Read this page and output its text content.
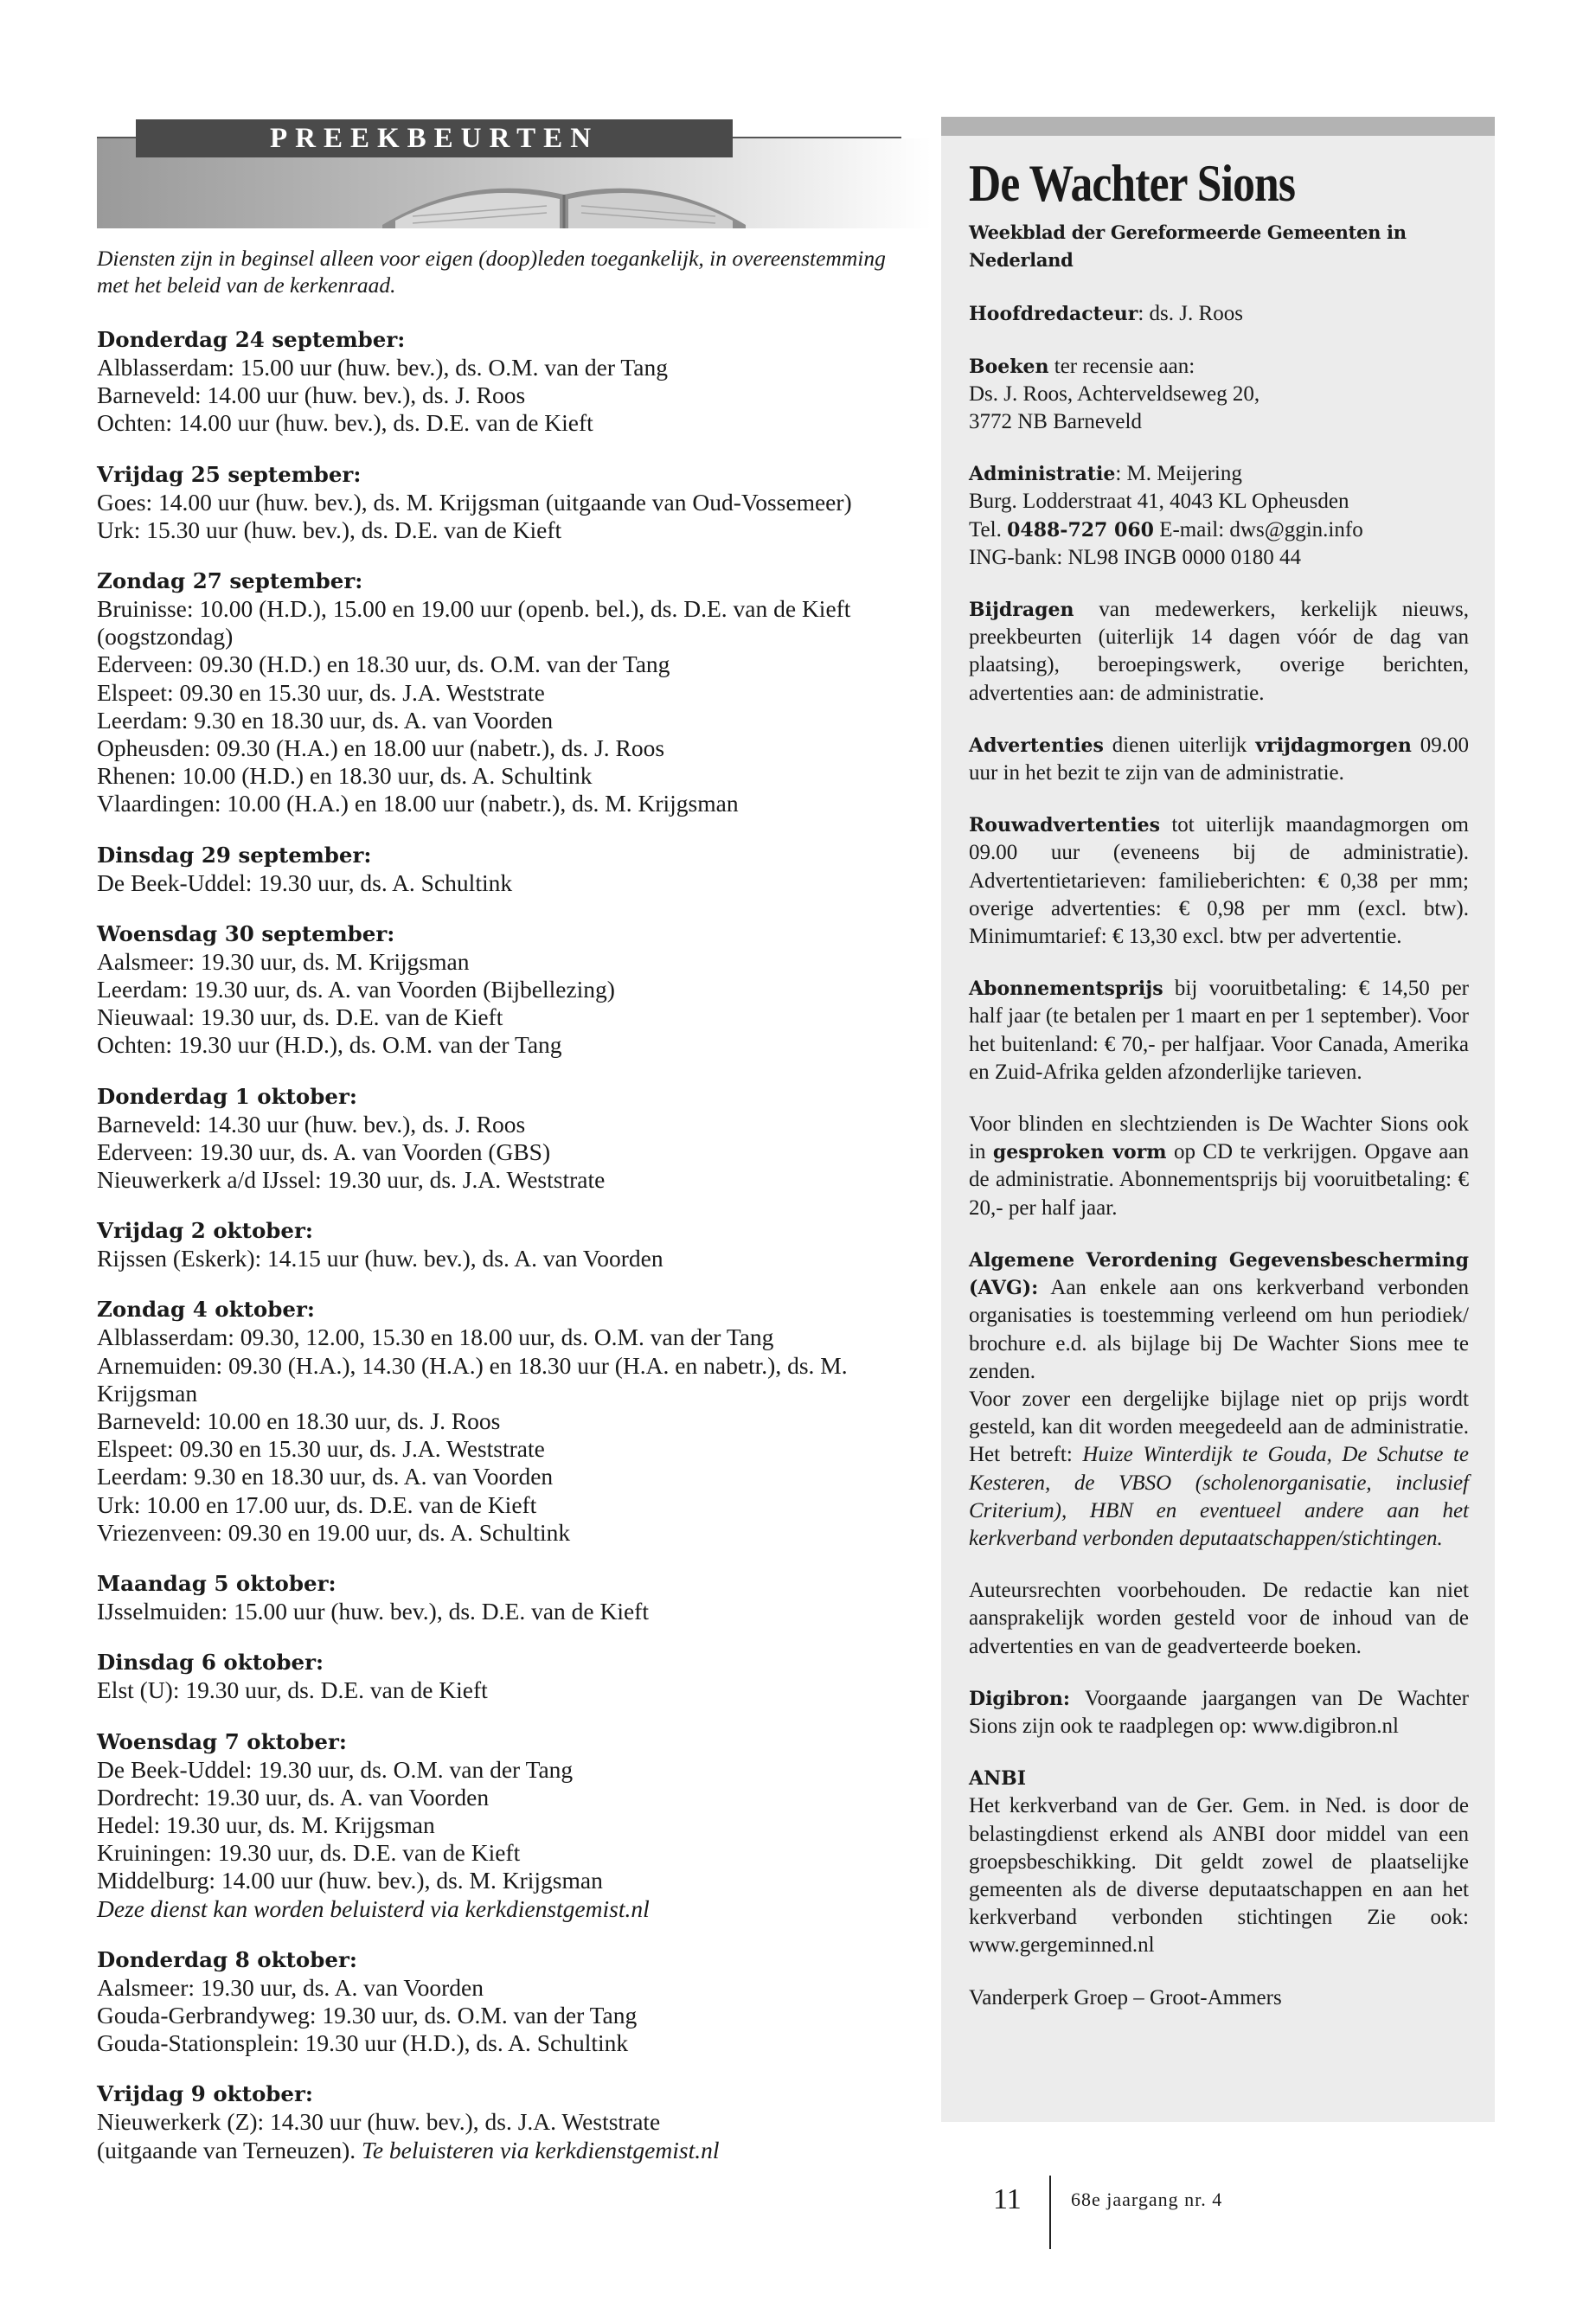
PREEKBEURTEN
Diensten zijn in beginsel alleen voor eigen (doop)leden toegankelijk, in overeenstemming met het beleid van de kerkenraad.
Donderdag 24 september:
Alblasserdam: 15.00 uur (huw. bev.), ds. O.M. van der Tang
Barneveld: 14.00 uur (huw. bev.), ds. J. Roos
Ochten: 14.00 uur (huw. bev.), ds. D.E. van de Kieft
Vrijdag 25 september:
Goes: 14.00 uur (huw. bev.), ds. M. Krijgsman (uitgaande van Oud-Vossemeer)
Urk: 15.30 uur (huw. bev.), ds. D.E. van de Kieft
Zondag 27 september:
Bruinisse: 10.00 (H.D.), 15.00 en 19.00 uur (openb. bel.), ds. D.E. van de Kieft (oogstzondag)
Ederveen: 09.30 (H.D.) en 18.30 uur, ds. O.M. van der Tang
Elspeet: 09.30 en 15.30 uur, ds. J.A. Weststrate
Leerdam: 9.30 en 18.30 uur, ds. A. van Voorden
Opheusden: 09.30 (H.A.) en 18.00 uur (nabetr.), ds. J. Roos
Rhenen: 10.00 (H.D.) en 18.30 uur, ds. A. Schultink
Vlaardingen: 10.00 (H.A.) en 18.00 uur (nabetr.), ds. M. Krijgsman
Dinsdag 29 september:
De Beek-Uddel: 19.30 uur, ds. A. Schultink
Woensdag 30 september:
Aalsmeer: 19.30 uur, ds. M. Krijgsman
Leerdam: 19.30 uur, ds. A. van Voorden (Bijbellezing)
Nieuwaal: 19.30 uur, ds. D.E. van de Kieft
Ochten: 19.30 uur (H.D.), ds. O.M. van der Tang
Donderdag 1 oktober:
Barneveld: 14.30 uur (huw. bev.), ds. J. Roos
Ederveen: 19.30 uur, ds. A. van Voorden (GBS)
Nieuwerkerk a/d IJssel: 19.30 uur, ds. J.A. Weststrate
Vrijdag 2 oktober:
Rijssen (Eskerk): 14.15 uur (huw. bev.), ds. A. van Voorden
Zondag 4 oktober:
Alblasserdam: 09.30, 12.00, 15.30 en 18.00 uur, ds. O.M. van der Tang
Arnemuiden: 09.30 (H.A.), 14.30 (H.A.) en 18.30 uur (H.A. en nabetr.), ds. M. Krijgsman
Barneveld: 10.00 en 18.30 uur, ds. J. Roos
Elspeet: 09.30 en 15.30 uur, ds. J.A. Weststrate
Leerdam: 9.30 en 18.30 uur, ds. A. van Voorden
Urk: 10.00 en 17.00 uur, ds. D.E. van de Kieft
Vriezenveen: 09.30 en 19.00 uur, ds. A. Schultink
Maandag 5 oktober:
IJsselmuiden: 15.00 uur (huw. bev.), ds. D.E. van de Kieft
Dinsdag 6 oktober:
Elst (U): 19.30 uur, ds. D.E. van de Kieft
Woensdag 7 oktober:
De Beek-Uddel: 19.30 uur, ds. O.M. van der Tang
Dordrecht: 19.30 uur, ds. A. van Voorden
Hedel: 19.30 uur, ds. M. Krijgsman
Kruiningen: 19.30 uur, ds. D.E. van de Kieft
Middelburg: 14.00 uur (huw. bev.), ds. M. Krijgsman
Deze dienst kan worden beluisterd via kerkdienstgemist.nl
Donderdag 8 oktober:
Aalsmeer: 19.30 uur, ds. A. van Voorden
Gouda-Gerbrandyweg: 19.30 uur, ds. O.M. van der Tang
Gouda-Stationsplein: 19.30 uur (H.D.), ds. A. Schultink
Vrijdag 9 oktober:
Nieuwerkerk (Z): 14.30 uur (huw. bev.), ds. J.A. Weststrate
(uitgaande van Terneuzen). Te beluisteren via kerkdienstgemist.nl
De Wachter Sions
Weekblad der Gereformeerde Gemeenten in Nederland
Hoofdredacteur: ds. J. Roos
Boeken ter recensie aan:
Ds. J. Roos, Achterveldseweg 20,
3772 NB Barneveld
Administratie: M. Meijering
Burg. Lodderstraat 41, 4043 KL Opheusden
Tel. 0488-727 060 E-mail: dws@ggin.info
ING-bank: NL98 INGB 0000 0180 44
Bijdragen van medewerkers, kerkelijk nieuws, preekbeurten (uiterlijk 14 dagen vóór de dag van plaatsing), beroepingswerk, overige berichten, advertenties aan: de administratie.
Advertenties dienen uiterlijk vrijdagmorgen 09.00 uur in het bezit te zijn van de administratie.
Rouwadvertenties tot uiterlijk maandagmorgen om 09.00 uur (eveneens bij de administratie). Advertentietarieven: familieberichten: € 0,38 per mm; overige advertenties: € 0,98 per mm (excl. btw). Minimumtarief: € 13,30 excl. btw per advertentie.
Abonnementsprijs bij vooruitbetaling: € 14,50 per half jaar (te betalen per 1 maart en per 1 september). Voor het buitenland: € 70,- per halfjaar. Voor Canada, Amerika en Zuid-Afrika gelden afzonderlijke tarieven.
Voor blinden en slechtzienden is De Wachter Sions ook in gesproken vorm op CD te verkrijgen. Opgave aan de administratie. Abonnementsprijs bij vooruitbetaling: € 20,- per half jaar.
Algemene Verordening Gegevensbescherming (AVG): Aan enkele aan ons kerkverband verbonden organisaties is toestemming verleend om hun periodiek/ brochure e.d. als bijlage bij De Wachter Sions mee te zenden.
Voor zover een dergelijke bijlage niet op prijs wordt gesteld, kan dit worden meegedeeld aan de administratie. Het betreft: Huize Winterdijk te Gouda, De Schutse te Kesteren, de VBSO (scholenorganisatie, inclusief Criterium), HBN en eventueel andere aan het kerkverband verbonden deputaatschappen/stichtingen.
Auteursrechten voorbehouden. De redactie kan niet aansprakelijk worden gesteld voor de inhoud van de advertenties en van de geadverteerde boeken.
Digibron: Voorgaande jaargangen van De Wachter Sions zijn ook te raadplegen op: www.digibron.nl
ANBI
Het kerkverband van de Ger. Gem. in Ned. is door de belastingdienst erkend als ANBI door middel van een groepsbeschikking. Dit geldt zowel de plaatselijke gemeenten als de diverse deputaatschappen en aan het kerkverband verbonden stichtingen Zie ook: www.gergeminned.nl
Vanderperk Groep – Groot-Ammers
11	68e jaargang nr. 4
